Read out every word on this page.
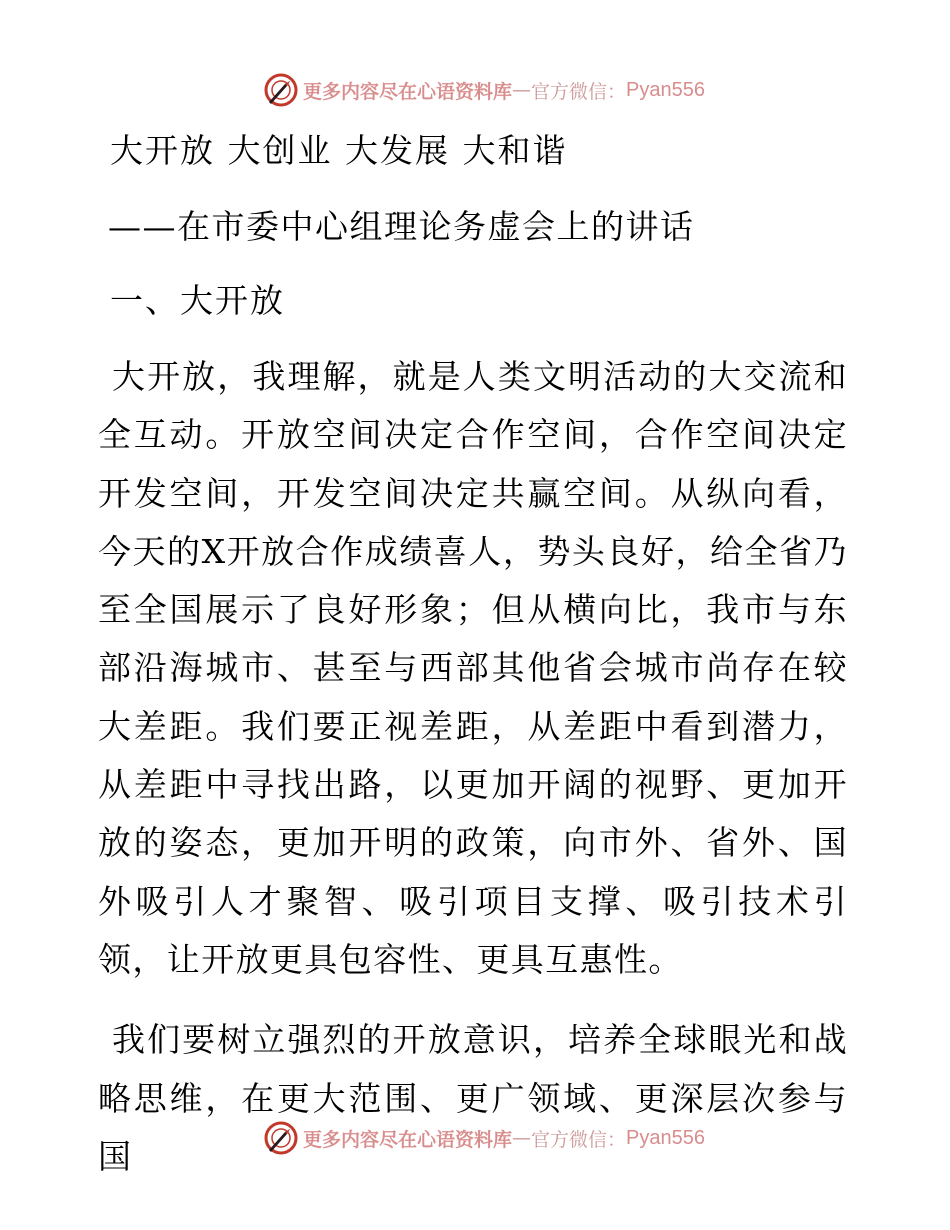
更多内容尽在心语资料库 — 官方微信： Pyan556

大开放 大创业 大发展 大和谐

——在市委中心组理论务虚会上的讲话

一、大开放

大开放，我理解，就是人类文明活动的大交流和全互动。开放空间决定合作空间，合作空间决定开发空间，开发空间决定共赢空间。从纵向看，今天的X开放合作成绩喜人，势头良好，给全省乃至全国展示了良好形象；但从横向比，我市与东部沿海城市、甚至与西部其他省会城市尚存在较大差距。我们要正视差距，从差距中看到潜力，从差距中寻找出路，以更加开阔的视野、更加开放的姿态，更加开明的政策，向市外、省外、国外吸引人才聚智、吸引项目支撑、吸引技术引领，让开放更具包容性、更具互惠性。

我们要树立强烈的开放意识，培养全球眼光和战略思维，在更大范围、更广领域、更深层次参与国	更多内容尽在心语资料库 — 官方微信： Pyan556
